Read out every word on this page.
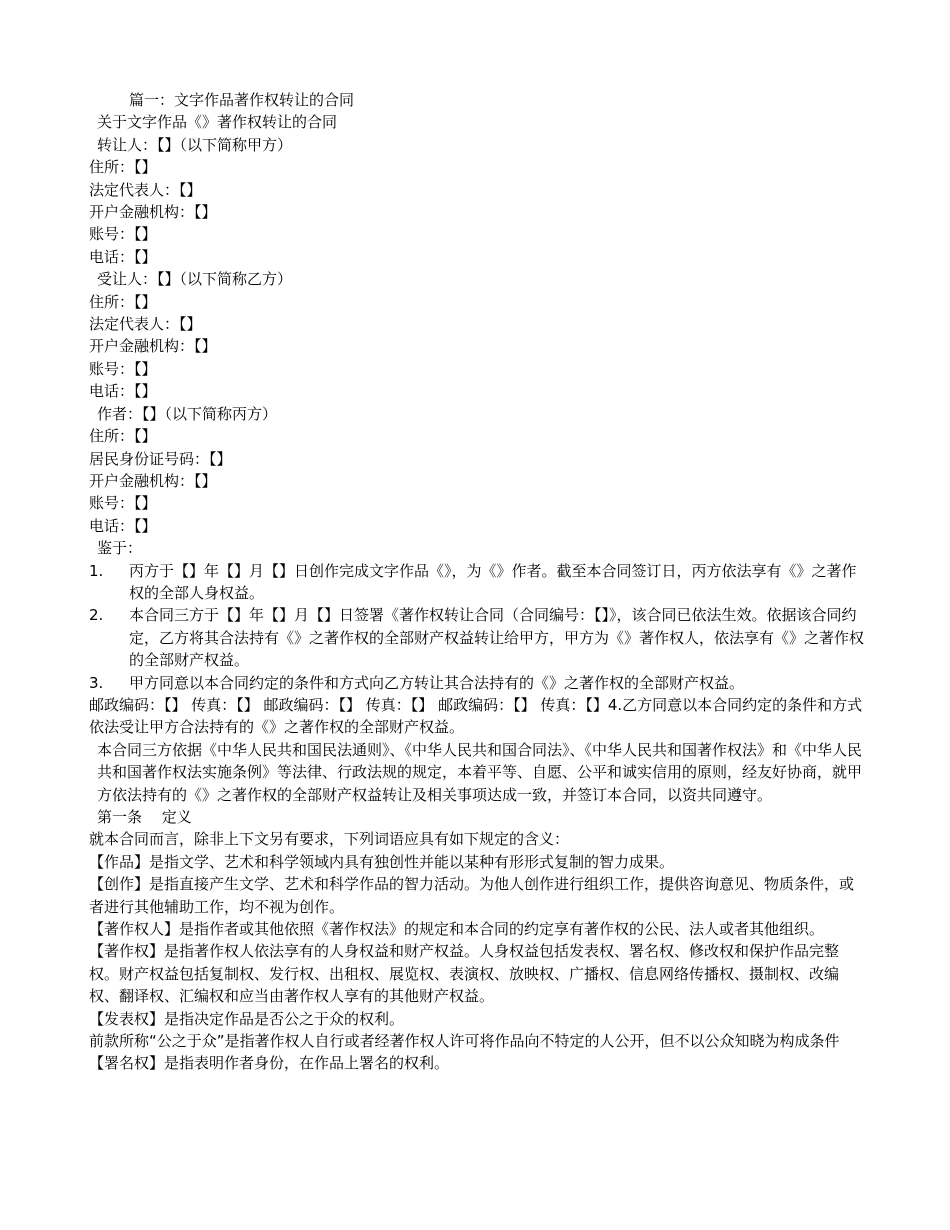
篇一：文字作品著作权转让的合同
关于文字作品《》著作权转让的合同
转让人：【】（以下简称甲方）
住所：【】
法定代表人：【】
开户金融机构：【】
账号：【】
电话：【】
受让人：【】（以下简称乙方）
住所：【】
法定代表人：【】
开户金融机构：【】
账号：【】
电话：【】
作者：【】（以下简称丙方）
住所：【】
居民身份证号码：【】
开户金融机构：【】
账号：【】
电话：【】
鉴于：
1.	丙方于【】年【】月【】日创作完成文字作品《》，为《》作者。截至本合同签订日，丙方依法享有《》之著作权的全部人身权益。
2.	本合同三方于【】年【】月【】日签署《著作权转让合同（合同编号：【】》，该合同已依法生效。依据该合同约定，乙方将其合法持有《》之著作权的全部财产权益转让给甲方，甲方为《》著作权人，依法享有《》之著作权的全部财产权益。
3.	甲方同意以本合同约定的条件和方式向乙方转让其合法持有的《》之著作权的全部财产权益。
邮政编码：【】 传真：【】 邮政编码：【】 传真：【】 邮政编码：【】 传真：【】4.乙方同意以本合同约定的条件和方式依法受让甲方合法持有的《》之著作权的全部财产权益。
本合同三方依据《中华人民共和国民法通则》、《中华人民共和国合同法》、《中华人民共和国著作权法》和《中华人民共和国著作权法实施条例》等法律、行政法规的规定，本着平等、自愿、公平和诚实信用的原则，经友好协商，就甲方依法持有的《》之著作权的全部财产权益转让及相关事项达成一致，并签订本合同，以资共同遵守。
第一条　 定义
就本合同而言，除非上下文另有要求，下列词语应具有如下规定的含义：
【作品】是指文学、艺术和科学领域内具有独创性并能以某种有形形式复制的智力成果。
【创作】是指直接产生文学、艺术和科学作品的智力活动。为他人创作进行组织工作，提供咨询意见、物质条件，或者进行其他辅助工作，均不视为创作。
【著作权人】是指作者或其他依照《著作权法》的规定和本合同的约定享有著作权的公民、法人或者其他组织。
【著作权】是指著作权人依法享有的人身权益和财产权益。人身权益包括发表权、署名权、修改权和保护作品完整权。财产权益包括复制权、发行权、出租权、展览权、表演权、放映权、广播权、信息网络传播权、摄制权、改编权、翻译权、汇编权和应当由著作权人享有的其他财产权益。
【发表权】是指决定作品是否公之于众的权利。
前款所称“公之于众”是指著作权人自行或者经著作权人许可将作品向不特定的人公开，但不以公众知晓为构成条件
【署名权】是指表明作者身份，在作品上署名的权利。
